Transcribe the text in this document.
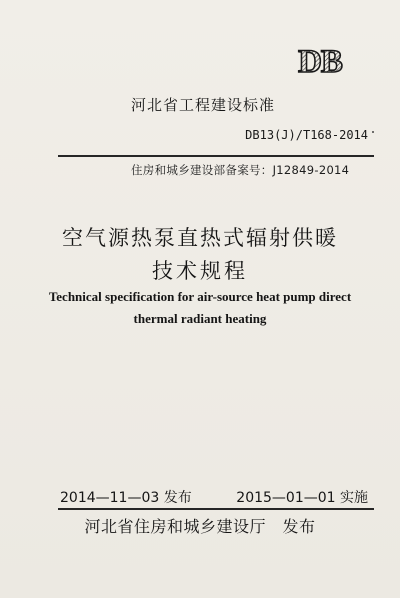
DB
河北省工程建设标准
DB13(J)/T168-2014
住房和城乡建设部备案号：J12849-2014
空气源热泵直热式辐射供暖
技术规程
Technical specification for air-source heat pump direct
thermal radiant heating
2014—11—03 发布	2015—01—01 实施
河北省住房和城乡建设厅　发布
